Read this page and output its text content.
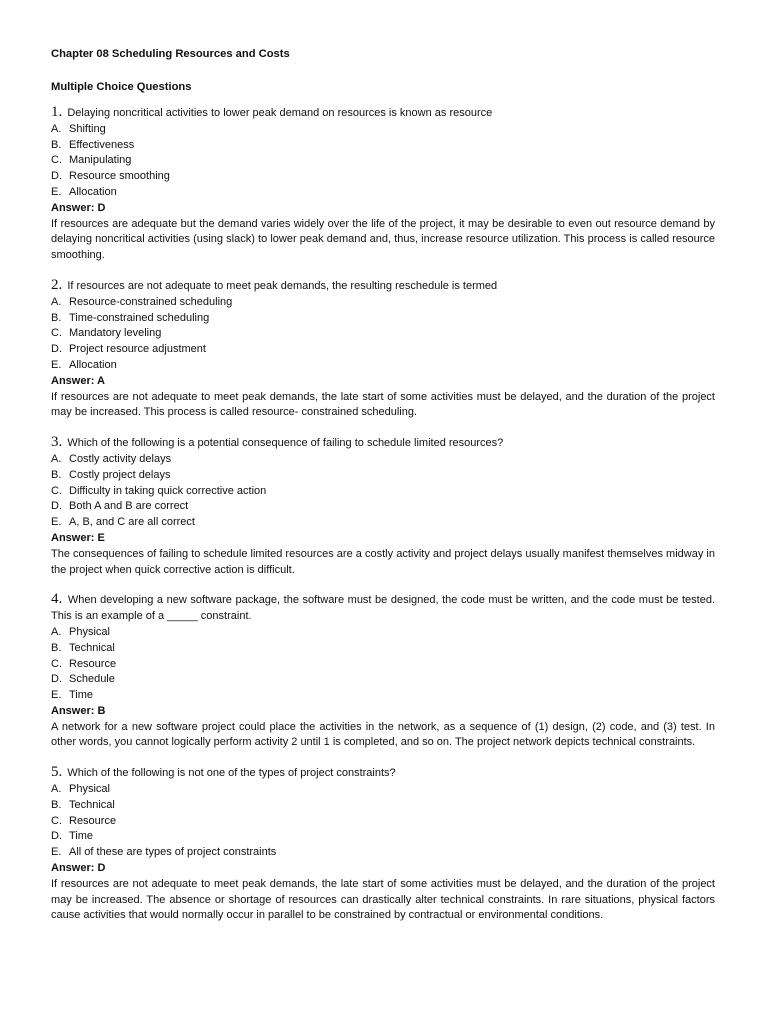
Chapter 08 Scheduling Resources and Costs
Multiple Choice Questions
1. Delaying noncritical activities to lower peak demand on resources is known as resource
A. Shifting
B. Effectiveness
C. Manipulating
D. Resource smoothing
E. Allocation
Answer: D
If resources are adequate but the demand varies widely over the life of the project, it may be desirable to even out resource demand by delaying noncritical activities (using slack) to lower peak demand and, thus, increase resource utilization. This process is called resource smoothing.
2. If resources are not adequate to meet peak demands, the resulting reschedule is termed
A. Resource-constrained scheduling
B. Time-constrained scheduling
C. Mandatory leveling
D. Project resource adjustment
E. Allocation
Answer: A
If resources are not adequate to meet peak demands, the late start of some activities must be delayed, and the duration of the project may be increased. This process is called resource- constrained scheduling.
3. Which of the following is a potential consequence of failing to schedule limited resources?
A. Costly activity delays
B. Costly project delays
C. Difficulty in taking quick corrective action
D. Both A and B are correct
E. A, B, and C are all correct
Answer: E
The consequences of failing to schedule limited resources are a costly activity and project delays usually manifest themselves midway in the project when quick corrective action is difficult.
4. When developing a new software package, the software must be designed, the code must be written, and the code must be tested. This is an example of a _____ constraint.
A. Physical
B. Technical
C. Resource
D. Schedule
E. Time
Answer: B
A network for a new software project could place the activities in the network, as a sequence of (1) design, (2) code, and (3) test. In other words, you cannot logically perform activity 2 until 1 is completed, and so on. The project network depicts technical constraints.
5. Which of the following is not one of the types of project constraints?
A. Physical
B. Technical
C. Resource
D. Time
E. All of these are types of project constraints
Answer: D
If resources are not adequate to meet peak demands, the late start of some activities must be delayed, and the duration of the project may be increased. The absence or shortage of resources can drastically alter technical constraints. In rare situations, physical factors cause activities that would normally occur in parallel to be constrained by contractual or environmental conditions.
